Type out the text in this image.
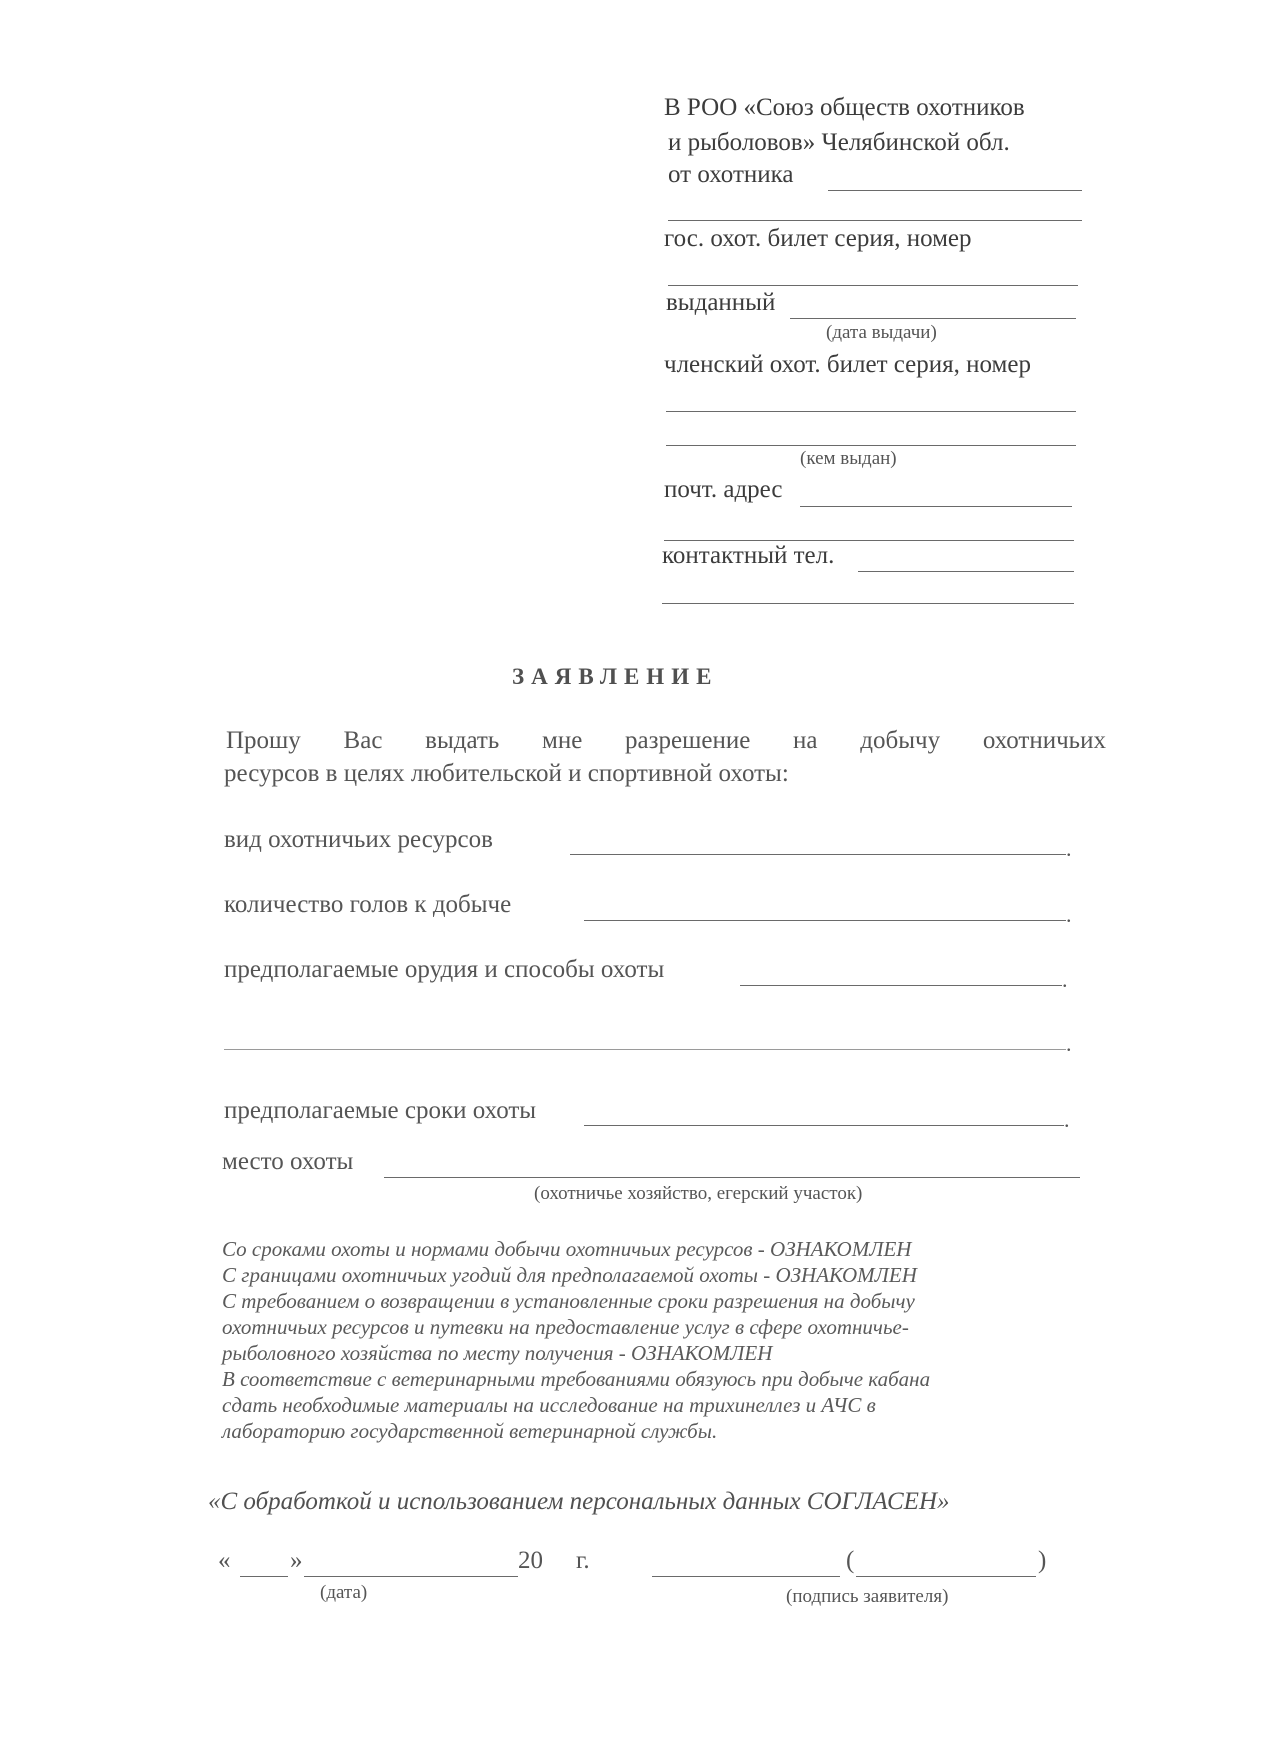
В РОО «Союз обществ охотников
и рыболовов» Челябинской обл.
от охотника
гос. охот. билет серия, номер
выданный
(дата выдачи)
членский охот. билет серия, номер
(кем выдан)
почт. адрес
контактный тел.
ЗАЯВЛЕНИЕ
Прошу Вас выдать мне разрешение на добычу охотничьих
ресурсов в целях любительской и спортивной охоты:
вид охотничьих ресурсов	.
количество голов к добыче	.
предполагаемые орудия и способы охоты	.
.
предполагаемые сроки охоты	.
место охоты
(охотничье хозяйство, егерский участок)
Со сроками охоты и нормами добычи охотничьих ресурсов - ОЗНАКОМЛЕН
С границами охотничьих угодий для предполагаемой охоты - ОЗНАКОМЛЕН
С требованием о возвращении в установленные сроки разрешения на добычу
охотничьих ресурсов и путевки на предоставление услуг в сфере охотничье-
рыболовного хозяйства по месту получения - ОЗНАКОМЛЕН
В соответствие с ветеринарными требованиями обязуюсь при добыче кабана
сдать необходимые материалы на исследование на трихинеллез и АЧС в
лабораторию государственной ветеринарной службы.
«С обработкой и использованием персональных данных СОГЛАСЕН»
« »	20 г.
(дата)
(	)
(подпись заявителя)
